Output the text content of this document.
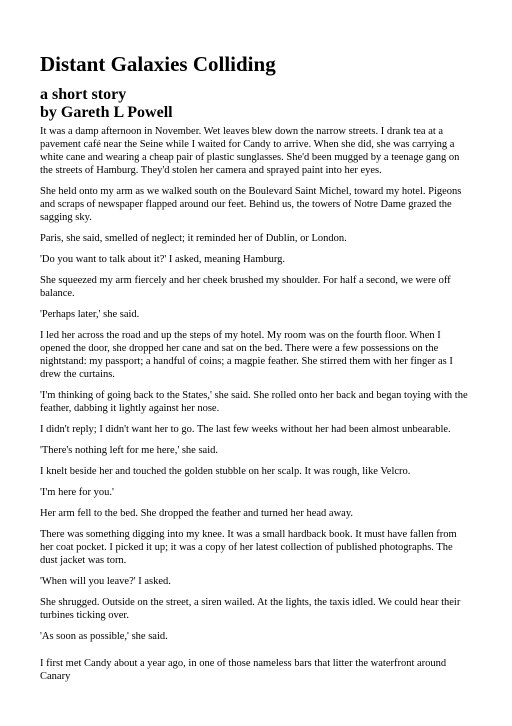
Distant Galaxies Colliding
a short story
by Gareth L Powell

It was a damp afternoon in November. Wet leaves blew down the narrow streets. I drank tea at a pavement café near the Seine while I waited for Candy to arrive. When she did, she was carrying a white cane and wearing a cheap pair of plastic sunglasses. She'd been mugged by a teenage gang on the streets of Hamburg. They'd stolen her camera and sprayed paint into her eyes.

She held onto my arm as we walked south on the Boulevard Saint Michel, toward my hotel. Pigeons and scraps of newspaper flapped around our feet. Behind us, the towers of Notre Dame grazed the sagging sky.

Paris, she said, smelled of neglect; it reminded her of Dublin, or London.

'Do you want to talk about it?' I asked, meaning Hamburg.

She squeezed my arm fiercely and her cheek brushed my shoulder. For half a second, we were off balance.

'Perhaps later,' she said.

I led her across the road and up the steps of my hotel. My room was on the fourth floor. When I opened the door, she dropped her cane and sat on the bed. There were a few possessions on the nightstand: my passport; a handful of coins; a magpie feather. She stirred them with her finger as I drew the curtains.

'I'm thinking of going back to the States,' she said. She rolled onto her back and began toying with the feather, dabbing it lightly against her nose.

I didn't reply; I didn't want her to go. The last few weeks without her had been almost unbearable.

'There's nothing left for me here,' she said.

I knelt beside her and touched the golden stubble on her scalp. It was rough, like Velcro.

'I'm here for you.'

Her arm fell to the bed. She dropped the feather and turned her head away.

There was something digging into my knee. It was a small hardback book. It must have fallen from her coat pocket. I picked it up; it was a copy of her latest collection of published photographs. The dust jacket was torn.

'When will you leave?' I asked.

She shrugged. Outside on the street, a siren wailed. At the lights, the taxis idled. We could hear their turbines ticking over.

'As soon as possible,' she said.

I first met Candy about a year ago, in one of those nameless bars that litter the waterfront around Canary
